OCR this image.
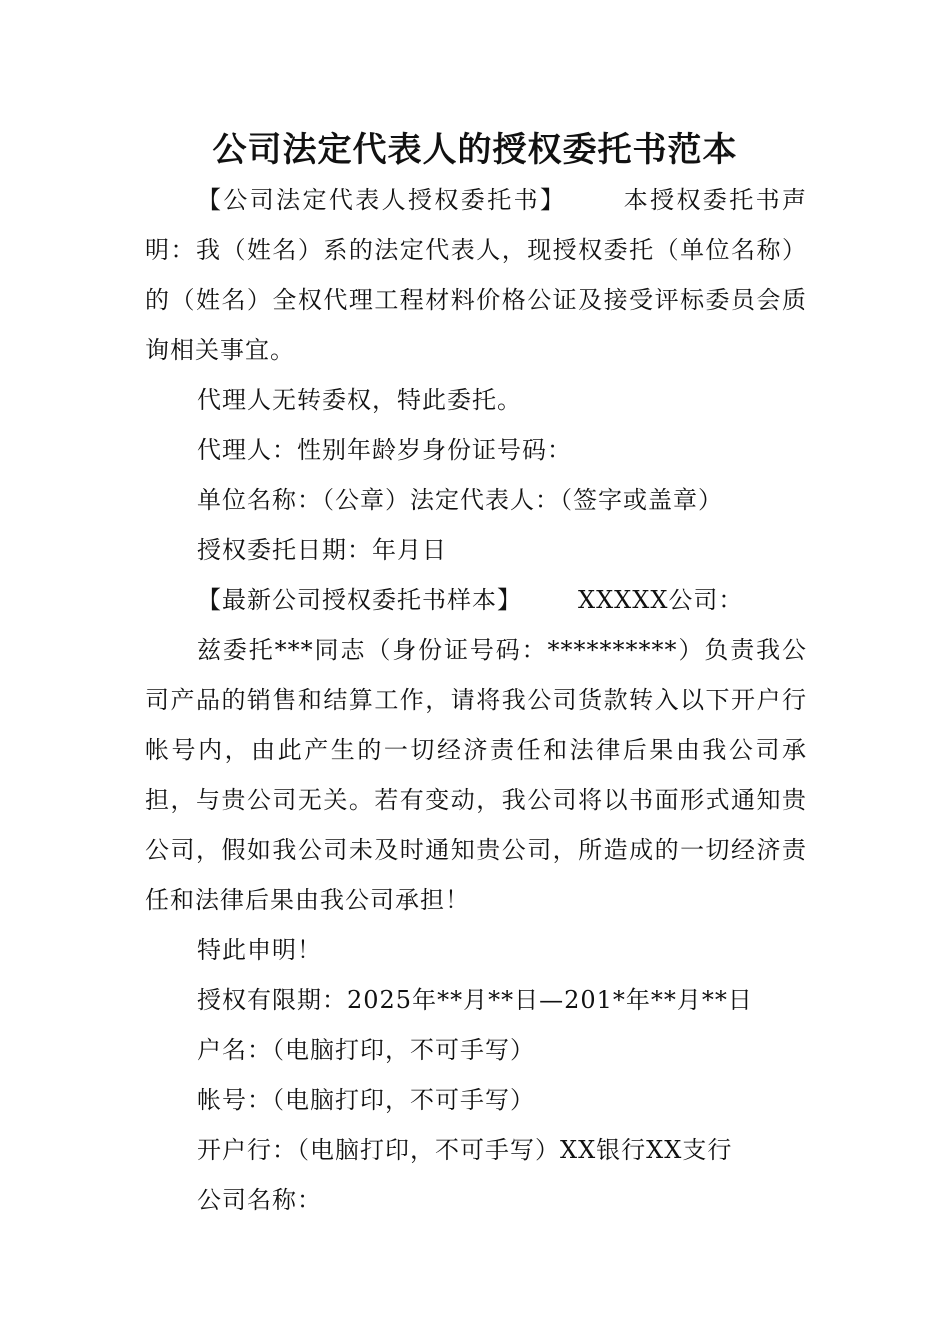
公司法定代表人的授权委托书范本

【公司法定代表人授权委托书】 本授权委托书声明：我（姓名）系的法定代表人，现授权委托（单位名称）的（姓名）全权代理工程材料价格公证及接受评标委员会质询相关事宜。

代理人无转委权，特此委托。

代理人：性别年龄岁身份证号码：

单位名称：（公章）法定代表人：（签字或盖章）

授权委托日期：年月日

【最新公司授权委托书样本】 XXXXX公司：

兹委托***同志（身份证号码：**********）负责我公司产品的销售和结算工作，请将我公司货款转入以下开户行帐号内，由此产生的一切经济责任和法律后果由我公司承担，与贵公司无关。若有变动，我公司将以书面形式通知贵公司，假如我公司未及时通知贵公司，所造成的一切经济责任和法律后果由我公司承担！

特此申明！

授权有限期：2025年**月**日—201*年**月**日

户名：（电脑打印，不可手写）

帐号：（电脑打印，不可手写）

开户行：（电脑打印，不可手写）XX银行XX支行

公司名称：
